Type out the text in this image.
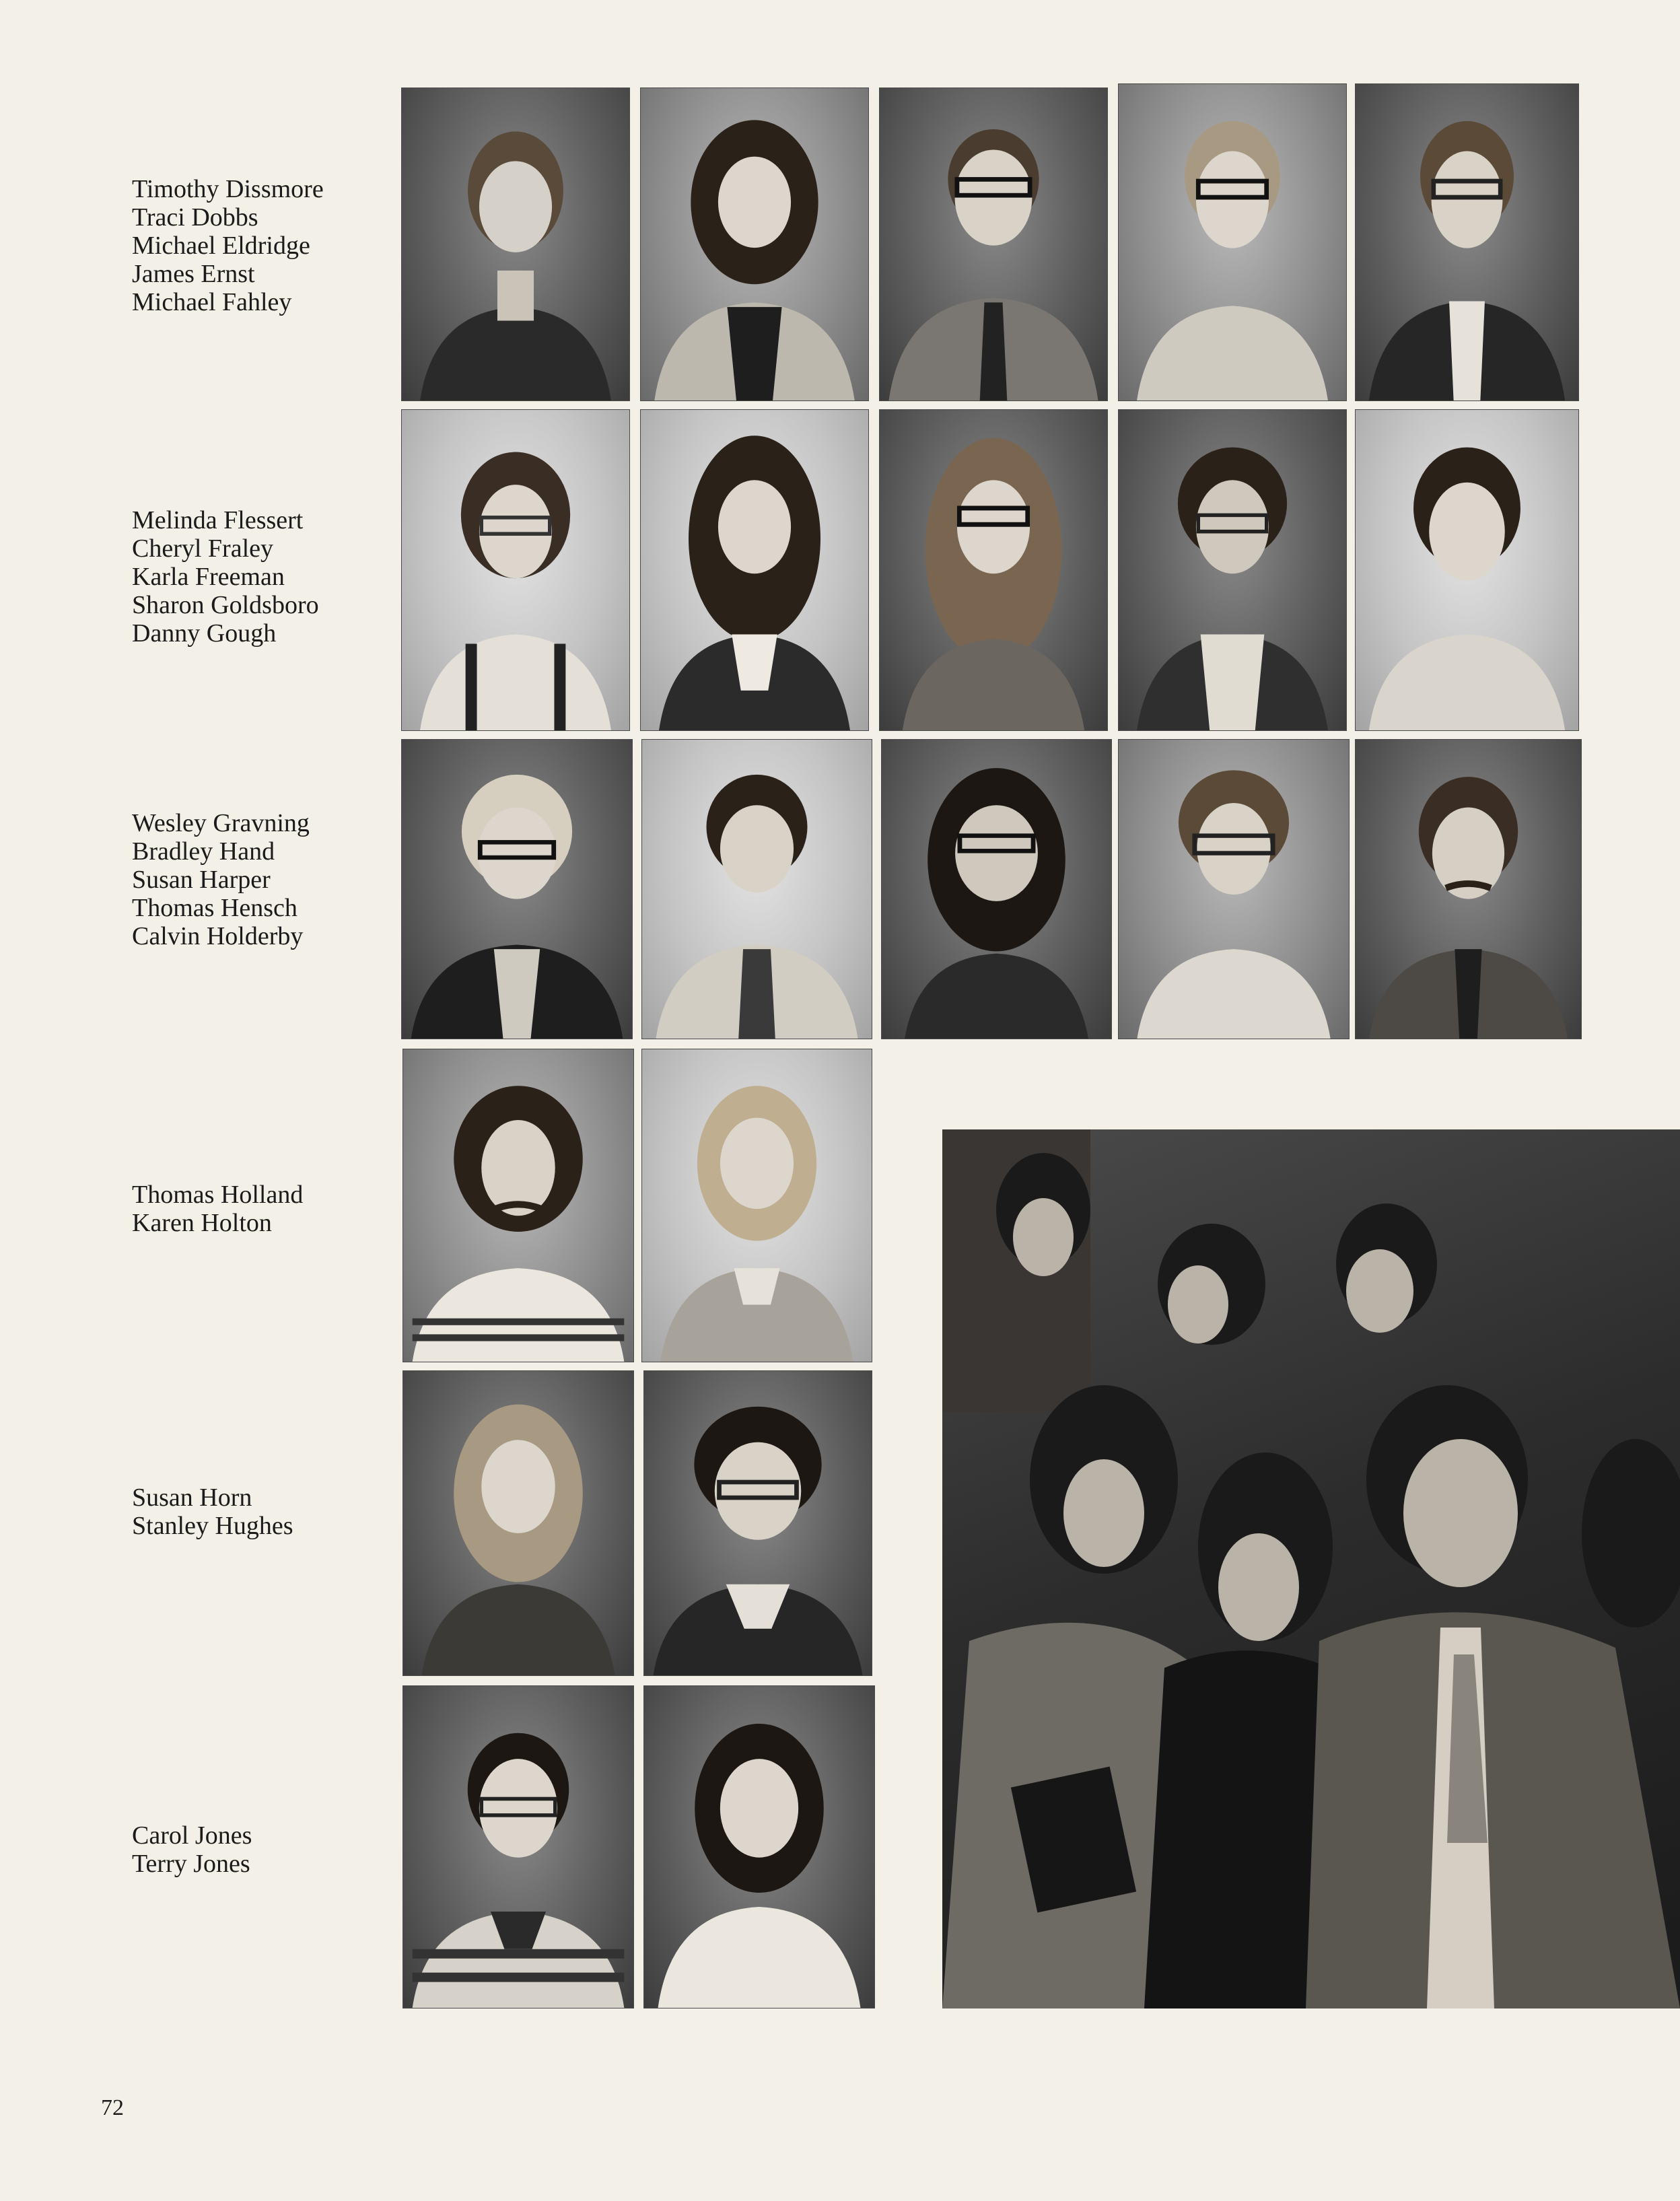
Timothy Dissmore
Traci Dobbs
Michael Eldridge
James Ernst
Michael Fahley
Melinda Flessert
Cheryl Fraley
Karla Freeman
Sharon Goldsboro
Danny Gough
Wesley Gravning
Bradley Hand
Susan Harper
Thomas Hensch
Calvin Holderby
Thomas Holland
Karen Holton
Susan Horn
Stanley Hughes
Carol Jones
Terry Jones
72
